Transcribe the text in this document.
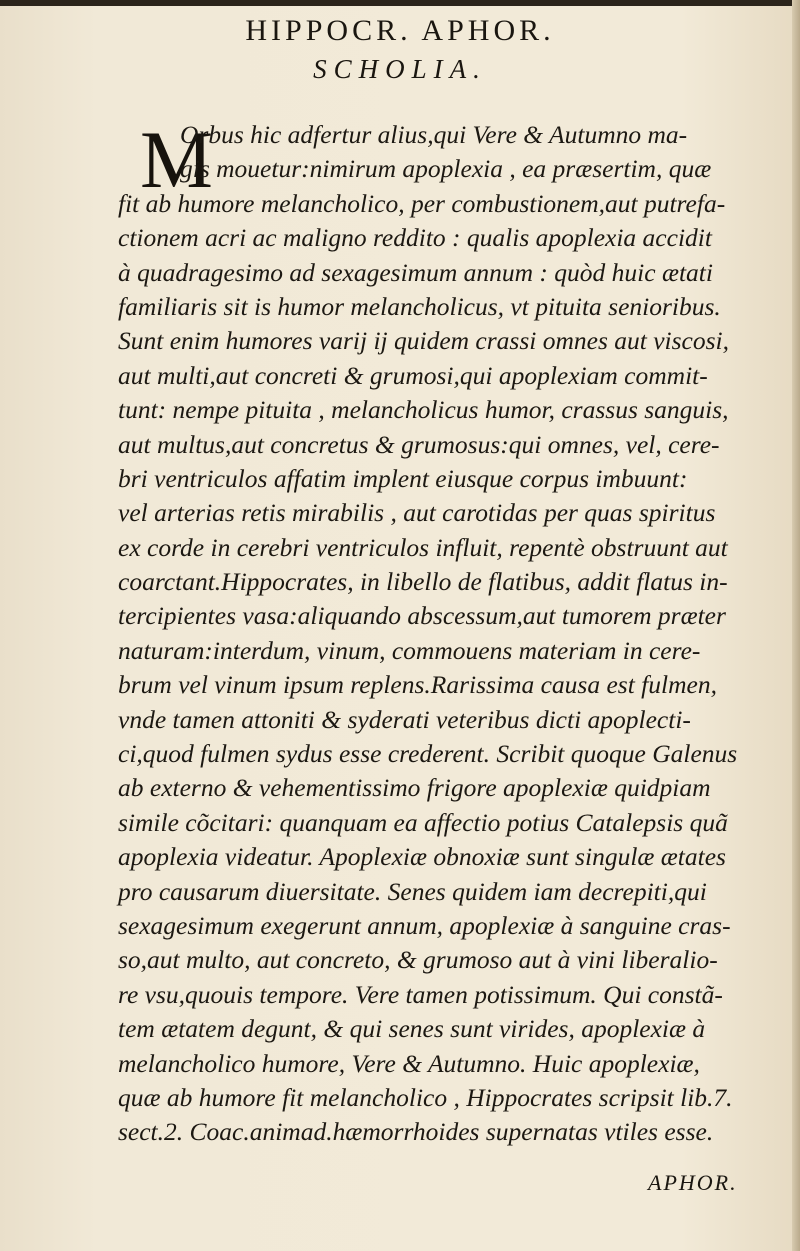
HIPPOCR. APHOR.
SCHOLIA.
M
Orbus hic adfertur alius,qui Vere & Autumno ma-
gis mouetur:nimirum apoplexia , ea præsertim, quæ
fit ab humore melancholico, per combustionem,aut putrefa-
ctionem acri ac maligno reddito : qualis apoplexia accidit
à quadragesimo ad sexagesimum annum : quòd huic ætati
familiaris sit is humor melancholicus, vt pituita senioribus.
Sunt enim humores varij ij quidem crassi omnes aut viscosi,
aut multi,aut concreti & grumosi,qui apoplexiam commit-
tunt: nempe pituita , melancholicus humor, crassus sanguis,
aut multus,aut concretus & grumosus:qui omnes, vel, cere-
bri ventriculos affatim implent eiusque corpus imbuunt:
vel arterias retis mirabilis , aut carotidas per quas spiritus
ex corde in cerebri ventriculos influit, repentè obstruunt aut
coarctant.Hippocrates, in libello de flatibus, addit flatus in-
tercipientes vasa:aliquando abscessum,aut tumorem præter
naturam:interdum, vinum, commouens materiam in cere-
brum vel vinum ipsum replens.Rarissima causa est fulmen,
vnde tamen attoniti & syderati veteribus dicti apoplecti-
ci,quod fulmen sydus esse crederent. Scribit quoque Galenus
ab externo & vehementissimo frigore apoplexiæ quidpiam
simile cõcitari: quanquam ea affectio potius Catalepsis quã
apoplexia videatur. Apoplexiæ obnoxiæ sunt singulæ ætates
pro causarum diuersitate. Senes quidem iam decrepiti,qui
sexagesimum exegerunt annum, apoplexiæ à sanguine cras-
so,aut multo, aut concreto, & grumoso aut à vini liberalio-
re vsu,quouis tempore. Vere tamen potissimum. Qui constã-
tem ætatem degunt, & qui senes sunt virides, apoplexiæ à
melancholico humore, Vere & Autumno. Huic apoplexiæ,
quæ ab humore fit melancholico , Hippocrates scripsit lib.7.
sect.2. Coac.animad.hæmorrhoides supernatas vtiles esse.
APHOR.
